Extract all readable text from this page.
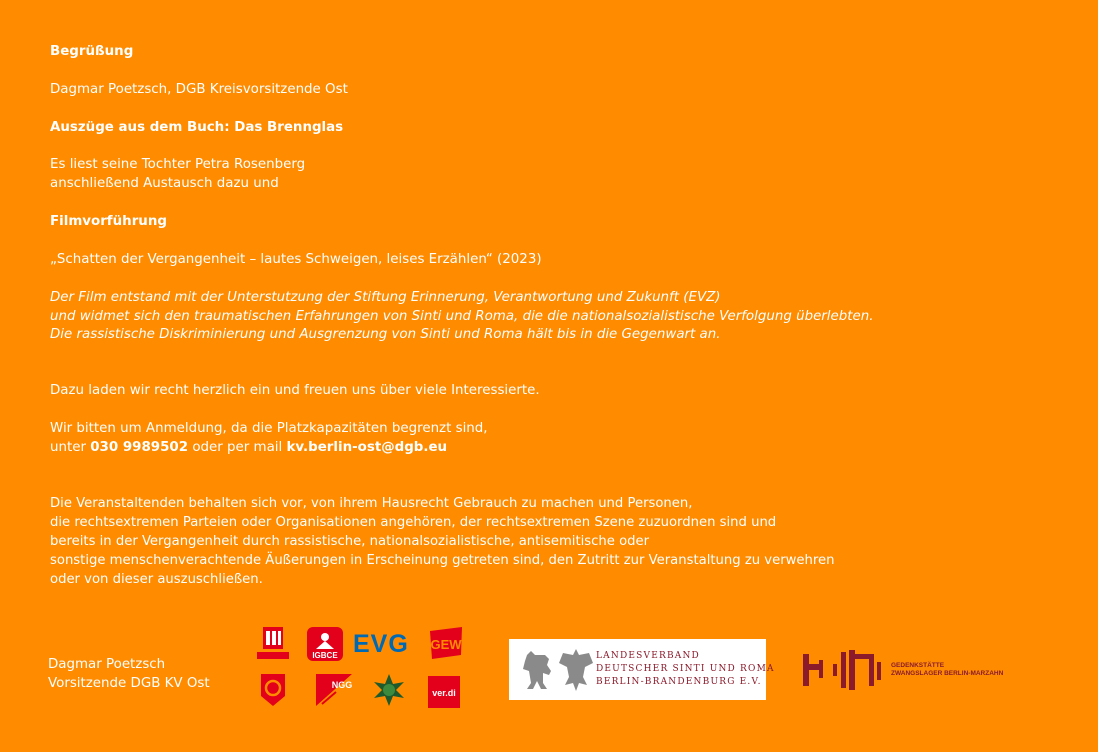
Begrüßung
Dagmar Poetzsch, DGB Kreisvorsitzende Ost
Auszüge aus dem Buch: Das Brennglas
Es liest seine Tochter Petra Rosenberg
anschließend Austausch dazu und
Filmvorführung
„Schatten der Vergangenheit – lautes Schweigen, leises Erzählen“ (2023)
Der Film entstand mit der Unterstutzung der Stiftung Erinnerung, Verantwortung und Zukunft (EVZ)
und widmet sich den traumatischen Erfahrungen von Sinti und Roma, die die nationalsozialistische Verfolgung überlebten.
Die rassistische Diskriminierung und Ausgrenzung von Sinti und Roma hält bis in die Gegenwart an.
Dazu laden wir recht herzlich ein und freuen uns über viele Interessierte.
Wir bitten um Anmeldung, da die Platzkapazitäten begrenzt sind,
unter 030 9989502 oder per mail kv.berlin-ost@dgb.eu
Die Veranstaltenden behalten sich vor, von ihrem Hausrecht Gebrauch zu machen und Personen,
die rechtsextremen Parteien oder Organisationen angehören, der rechtsextremen Szene zuzuordnen sind und
bereits in der Vergangenheit durch rassistische, nationalsozialistische, antisemitische oder
sonstige menschenverachtende Äußerungen in Erscheinung getreten sind, den Zutritt zur Veranstaltung zu verwehren
oder von dieser auszuschließen.
Dagmar Poetzsch
Vorsitzende DGB KV Ost
IGBCE EVG GEW
NGG
ver.di
LANDESVERBAND
DEUTSCHER SINTI UND ROMA
BERLIN-BRANDENBURG E.V.
GEDENKSTÄTTE
ZWANGSLAGER BERLIN-MARZAHN
